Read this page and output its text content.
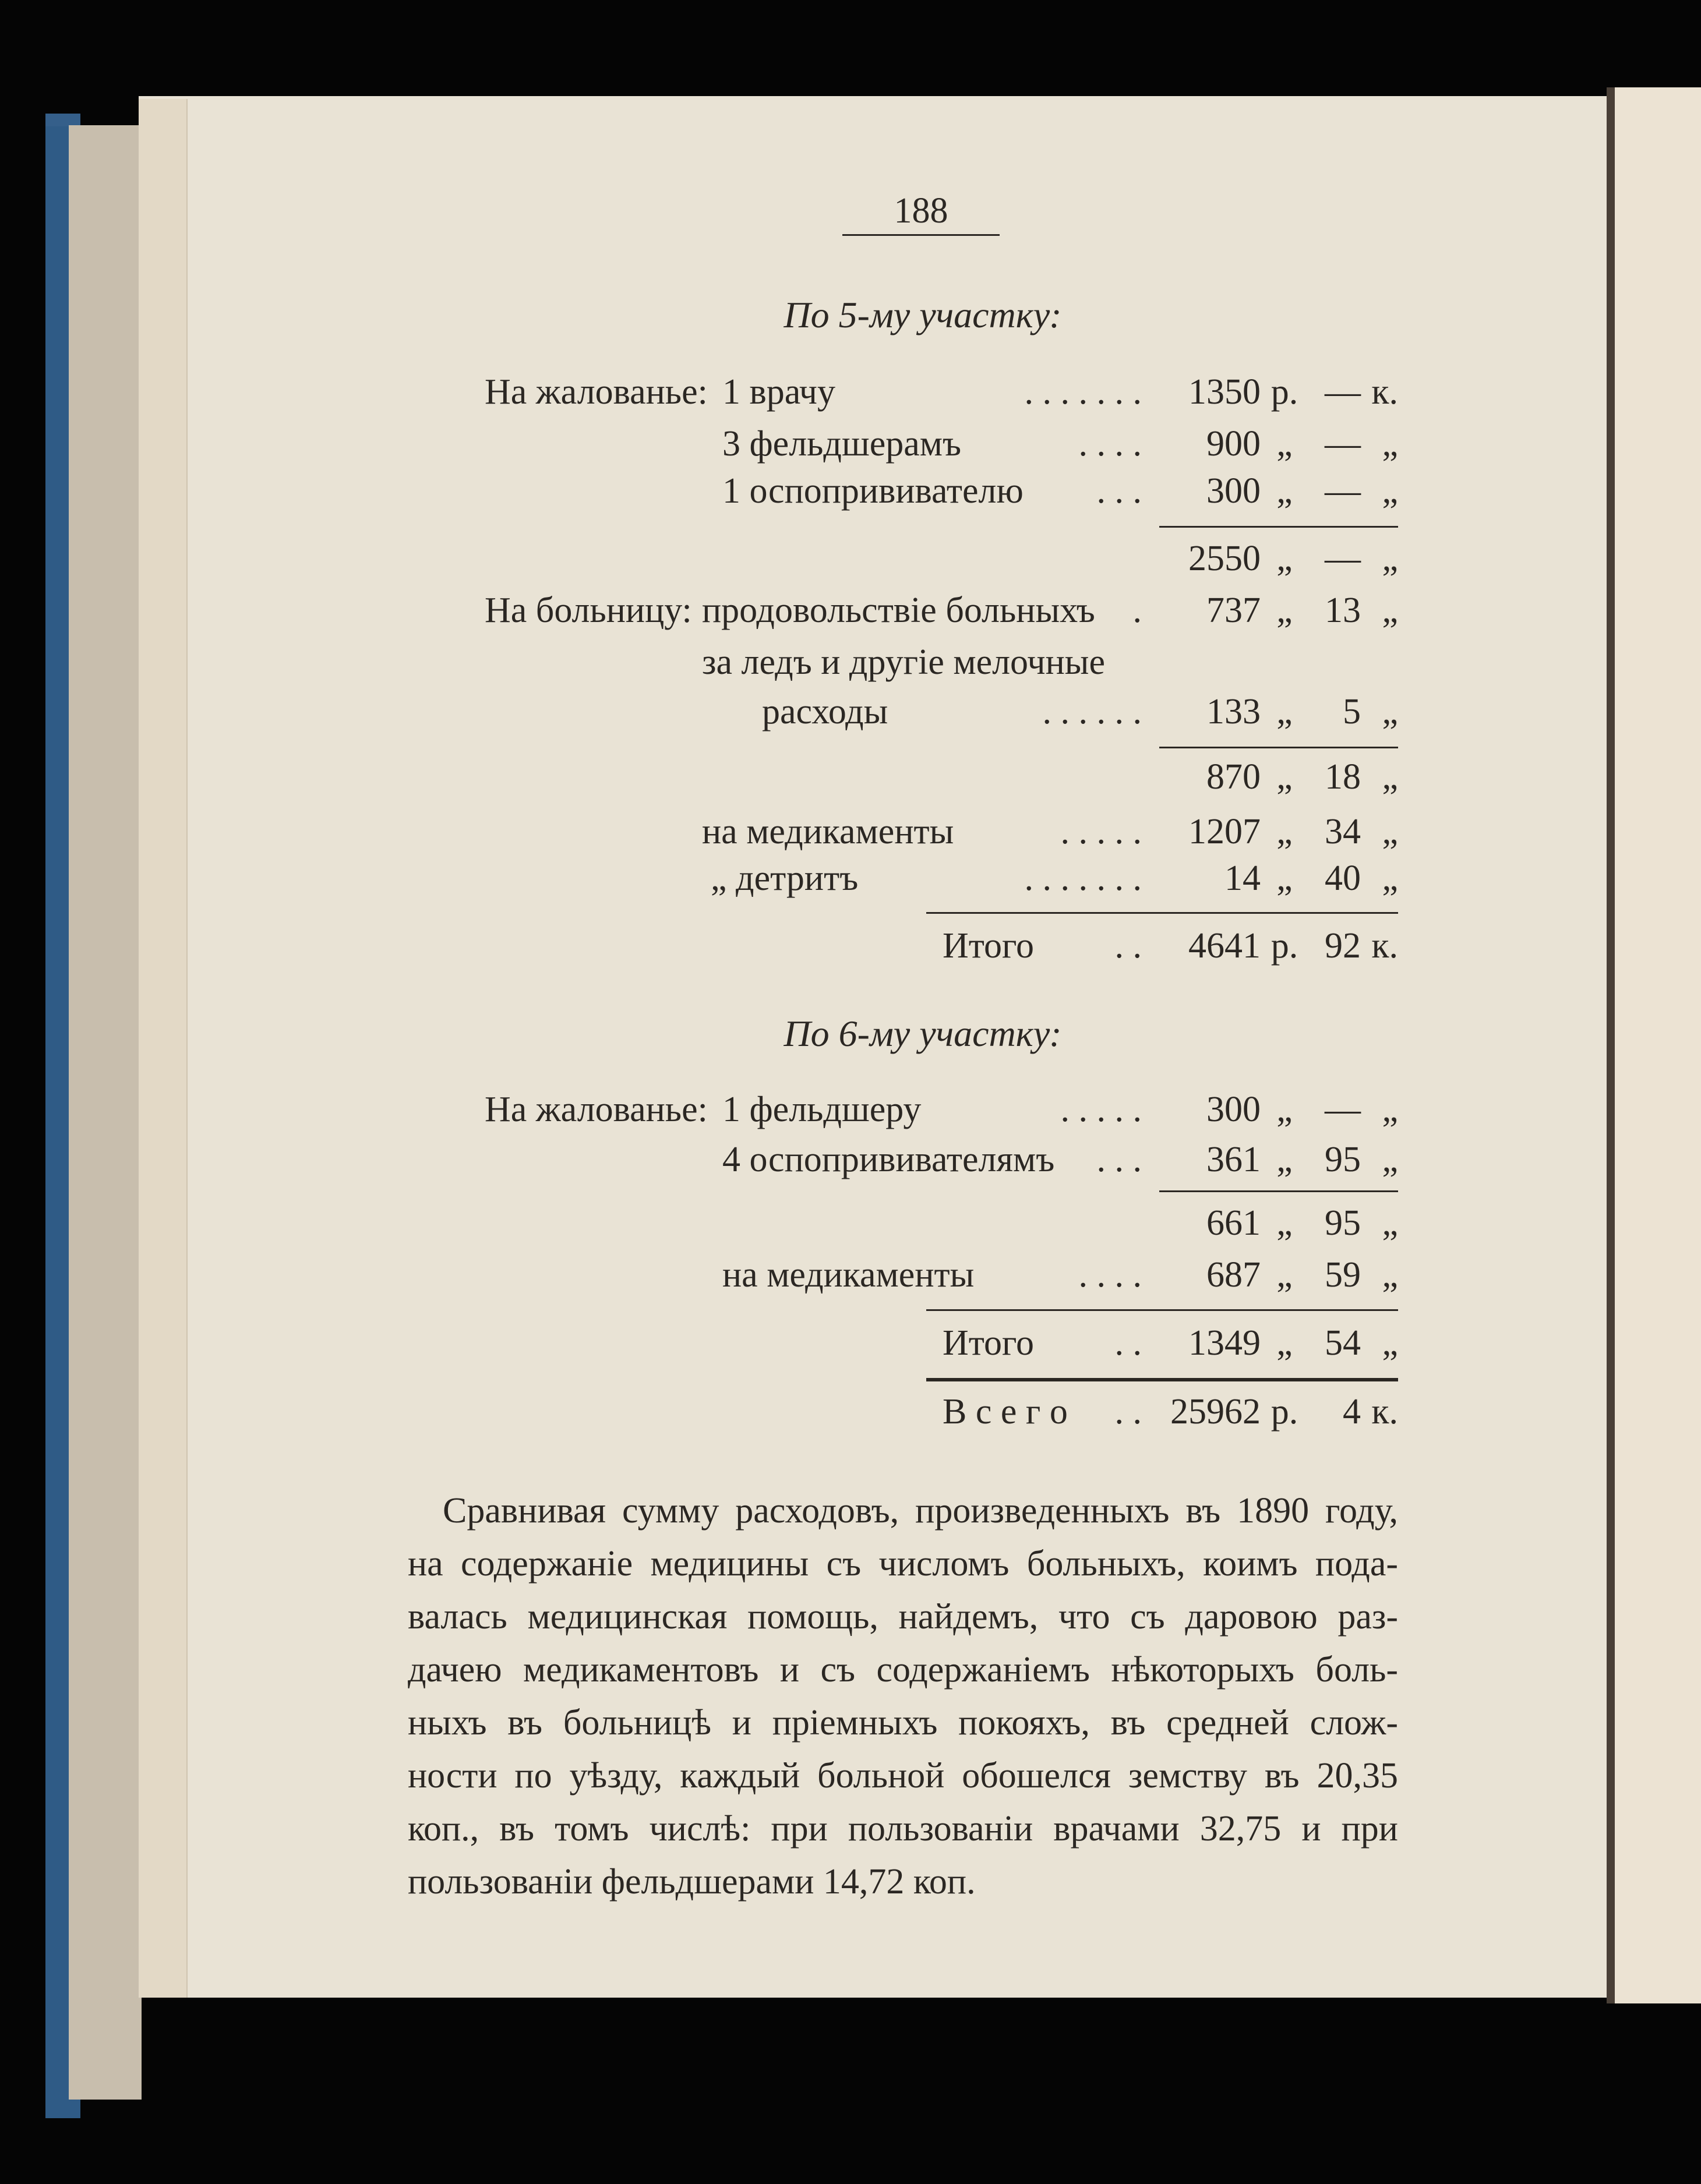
188
По 5-му участку:
По 6-му участку:
На жалованье: 1 врачу	. . . . . . .	1350 р. — к.
3 фельдшерамъ	. . . .	900 „ — „
1 оспопрививателю	. . .	300 „ — „
2550 „ — „
На больницу: продовольствіе больныхъ	.	737 „ 13 „
за ледъ и другіе мелочные
расходы	. . . . . .	133 „	5 „
870 „ 18 „
на медикаменты	. . . . .	1207 „ 34 „
„ детритъ	. . . . . . .	14 „ 40 „
Итого	. .	4641 р. 92 к.
На жалованье: 1 фельдшеру	. . . . .	300 „ — „
4 оспопрививателямъ	. . .	361 „ 95 „
661 „ 95 „
на медикаменты	. . . .	687 „ 59 „
Итого	. .	1349 „ 54 „
В с е г о	. . 25962 р.	4 к.
Сравнивая сумму расходовъ, произведенныхъ въ 1890 году,
на содержаніе медицины съ числомъ больныхъ, коимъ пода-
валась медицинская помощь, найдемъ, что съ даровою раз-
дачею медикаментовъ и съ содержаніемъ нѣкоторыхъ боль-
ныхъ въ больницѣ и пріемныхъ покояхъ, въ средней слож-
ности по уѣзду, каждый больной обошелся земству въ 20,35
коп., въ томъ числѣ: при пользованіи врачами 32,75 и при
пользованіи фельдшерами 14,72 коп.
